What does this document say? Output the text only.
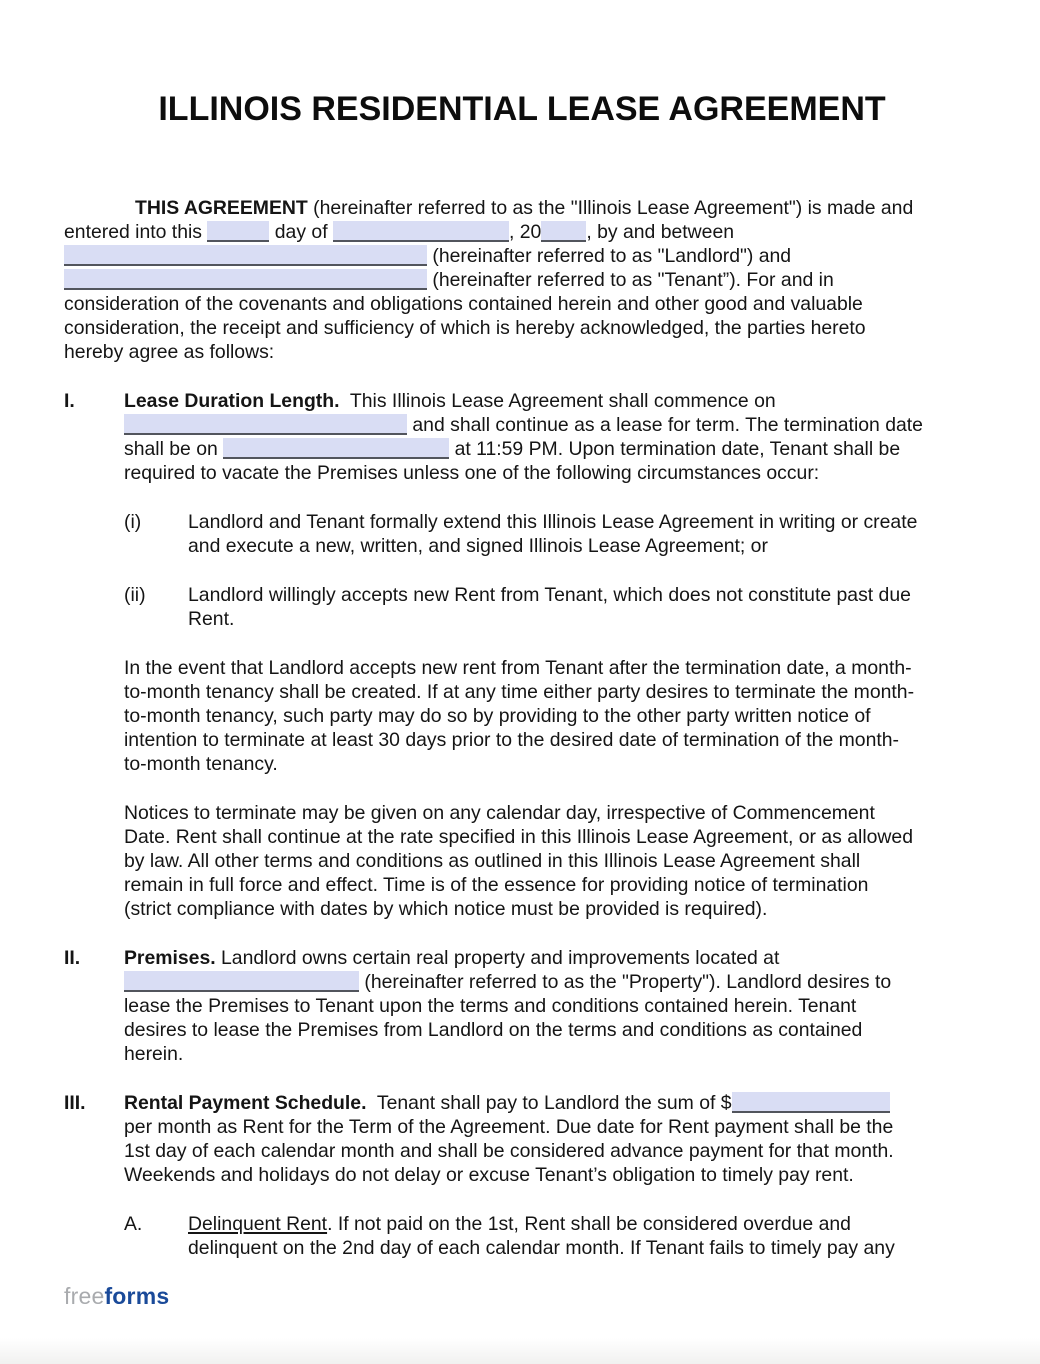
ILLINOIS RESIDENTIAL LEASE AGREEMENT
THIS AGREEMENT (hereinafter referred to as the "Illinois Lease Agreement") is made and
entered into this	day of	, 20 , by and between
(hereinafter referred to as "Landlord") and
(hereinafter referred to as "Tenant”). For and in
consideration of the covenants and obligations contained herein and other good and valuable
consideration, the receipt and sufficiency of which is hereby acknowledged, the parties hereto
hereby agree as follows:
I.	Lease Duration Length.  This Illinois Lease Agreement shall commence on
and shall continue as a lease for term. The termination date
shall be on	at 11:59 PM. Upon termination date, Tenant shall be
required to vacate the Premises unless one of the following circumstances occur:
(i) Landlord and Tenant formally extend this Illinois Lease Agreement in writing or create
and execute a new, written, and signed Illinois Lease Agreement; or
(ii) Landlord willingly accepts new Rent from Tenant, which does not constitute past due
Rent.
In the event that Landlord accepts new rent from Tenant after the termination date, a month-
to-month tenancy shall be created. If at any time either party desires to terminate the month-
to-month tenancy, such party may do so by providing to the other party written notice of
intention to terminate at least 30 days prior to the desired date of termination of the month-
to-month tenancy.
Notices to terminate may be given on any calendar day, irrespective of Commencement
Date. Rent shall continue at the rate specified in this Illinois Lease Agreement, or as allowed
by law. All other terms and conditions as outlined in this Illinois Lease Agreement shall
remain in full force and effect. Time is of the essence for providing notice of termination
(strict compliance with dates by which notice must be provided is required).
II. Premises. Landlord owns certain real property and improvements located at
(hereinafter referred to as the "Property"). Landlord desires to
lease the Premises to Tenant upon the terms and conditions contained herein. Tenant
desires to lease the Premises from Landlord on the terms and conditions as contained
herein.
III. Rental Payment Schedule.  Tenant shall pay to Landlord the sum of $
per month as Rent for the Term of the Agreement. Due date for Rent payment shall be the
1st day of each calendar month and shall be considered advance payment for that month.
Weekends and holidays do not delay or excuse Tenant’s obligation to timely pay rent.
A. Delinquent Rent. If not paid on the 1st, Rent shall be considered overdue and
delinquent on the 2nd day of each calendar month. If Tenant fails to timely pay any
freeforms
